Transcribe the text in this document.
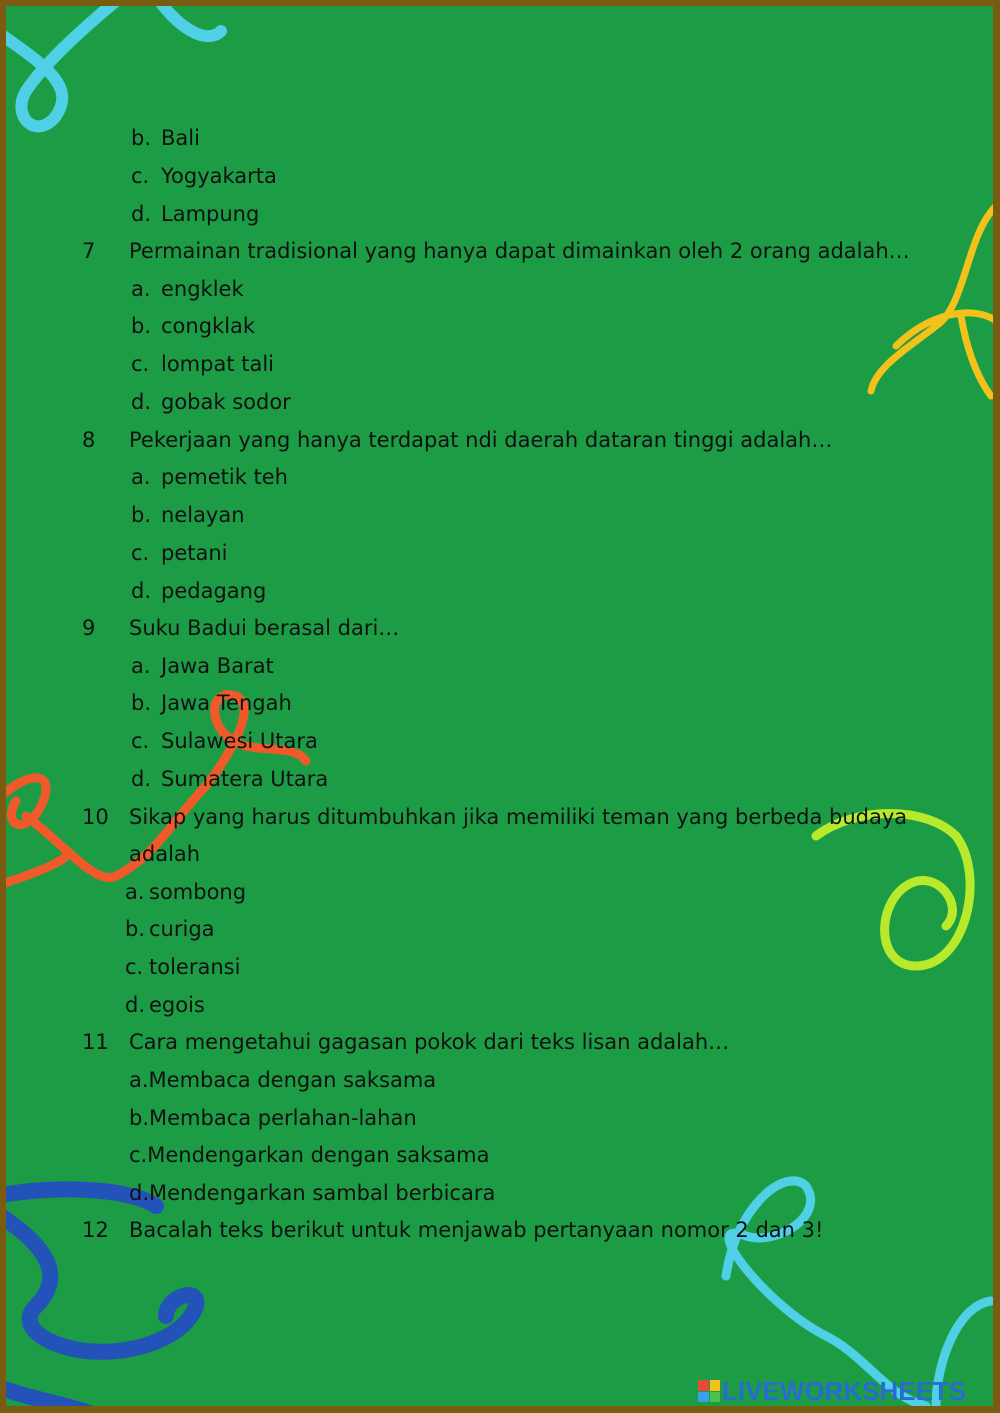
b. Bali
c. Yogyakarta
d. Lampung
7 Permainan tradisional yang hanya dapat dimainkan oleh 2 orang adalah…
a. engklek
b. congklak
c. lompat tali
d. gobak sodor
8 Pekerjaan yang hanya terdapat ndi daerah dataran tinggi adalah…
a. pemetik teh
b. nelayan
c. petani
d. pedagang
9 Suku Badui berasal dari…
a. Jawa Barat
b. Jawa Tengah
c. Sulawesi Utara
d. Sumatera Utara
10 Sikap yang harus ditumbuhkan jika memiliki teman yang berbeda budaya
adalah
a. sombong
b. curiga
c. toleransi
d. egois
11 Cara mengetahui gagasan pokok dari teks lisan adalah…
a.Membaca dengan saksama
b.Membaca perlahan-lahan
c.Mendengarkan dengan saksama
d.Mendengarkan sambal berbicara
12 Bacalah teks berikut untuk menjawab pertanyaan nomor 2 dan 3!
LIVEWORKSHEETS
